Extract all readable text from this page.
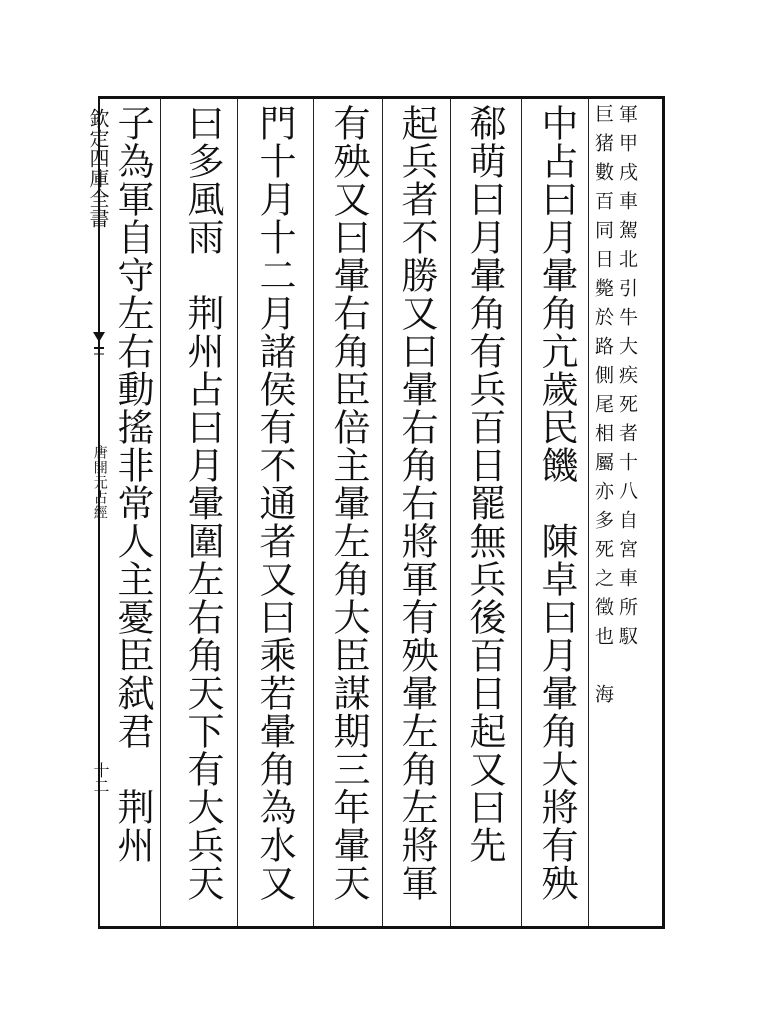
欽定四庫全書
唐開元占經
十二
軍甲戌車駕北引牛大疾死者十八自宮車所馭
巨猪數百同日斃於路側尾相屬亦多死之徵也　海
中占曰月暈角亢歲民饑　陳卓曰月暈角大將有殃
郗萌曰月暈角有兵百日罷無兵後百日起又曰先
起兵者不勝又曰暈右角右將軍有殃暈左角左將軍
有殃又曰暈右角臣倍主暈左角大臣謀期三年暈天
門十月十二月諸侯有不通者又曰乘若暈角為水又
曰多風雨　荆州占曰月暈圍左右角天下有大兵天
子為軍自守左右動搖非常人主憂臣弑君　荆州
